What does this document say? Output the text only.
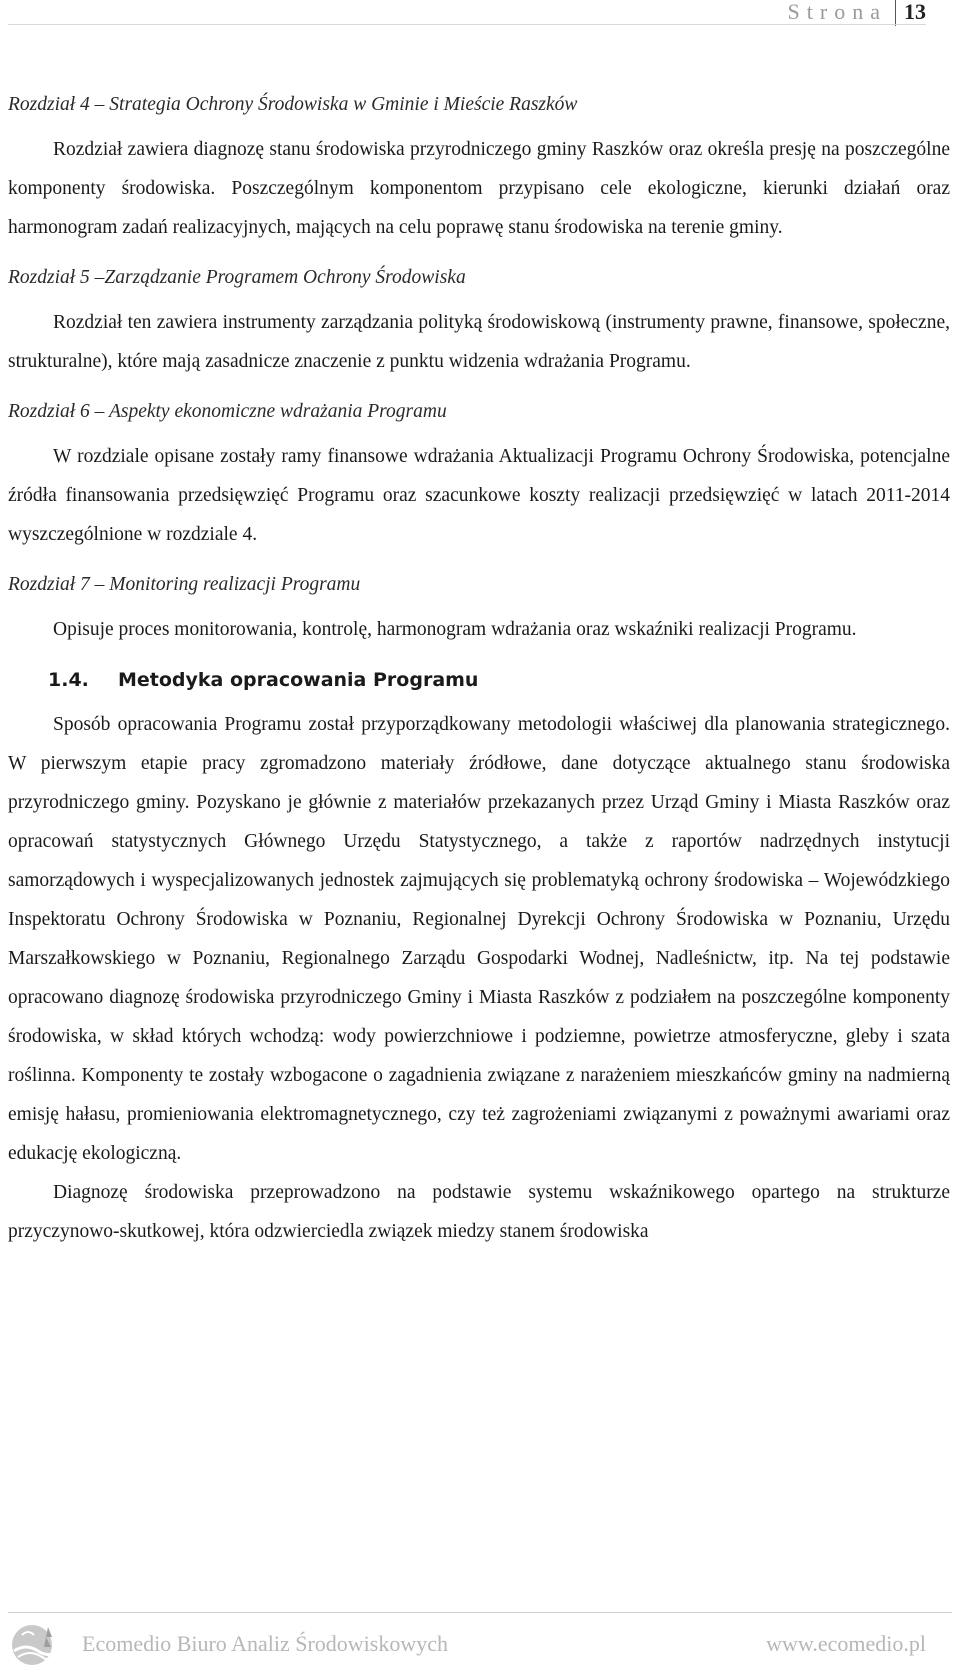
Strona 13
Rozdział 4 – Strategia Ochrony Środowiska w Gminie i Mieście Raszków

Rozdział zawiera diagnozę stanu środowiska przyrodniczego gminy Raszków oraz określa presję na poszczególne komponenty środowiska. Poszczególnym komponentom przypisano cele ekologiczne, kierunki działań oraz harmonogram zadań realizacyjnych, mających na celu poprawę stanu środowiska na terenie gminy.

Rozdział 5 –Zarządzanie Programem Ochrony Środowiska

Rozdział ten zawiera instrumenty zarządzania polityką środowiskową (instrumenty prawne, finansowe, społeczne, strukturalne), które mają zasadnicze znaczenie z punktu widzenia wdrażania Programu.

Rozdział 6 – Aspekty ekonomiczne wdrażania Programu

W rozdziale opisane zostały ramy finansowe wdrażania Aktualizacji Programu Ochrony Środowiska, potencjalne źródła finansowania przedsięwzięć Programu oraz szacunkowe koszty realizacji przedsięwzięć w latach 2011-2014 wyszczególnione w rozdziale 4.

Rozdział 7 – Monitoring realizacji Programu

Opisuje proces monitorowania, kontrolę, harmonogram wdrażania oraz wskaźniki realizacji Programu.

1.4.	Metodyka opracowania Programu

Sposób opracowania Programu został przyporządkowany metodologii właściwej dla planowania strategicznego. W pierwszym etapie pracy zgromadzono materiały źródłowe, dane dotyczące aktualnego stanu środowiska przyrodniczego gminy. Pozyskano je głównie z materiałów przekazanych przez Urząd Gminy i Miasta Raszków oraz opracowań statystycznych Głównego Urzędu Statystycznego, a także z raportów nadrzędnych instytucji samorządowych i wyspecjalizowanych jednostek zajmujących się problematyką ochrony środowiska – Wojewódzkiego Inspektoratu Ochrony Środowiska w Poznaniu, Regionalnej Dyrekcji Ochrony Środowiska w Poznaniu, Urzędu Marszałkowskiego w Poznaniu, Regionalnego Zarządu Gospodarki Wodnej, Nadleśnictw, itp. Na tej podstawie opracowano diagnozę środowiska przyrodniczego Gminy i Miasta Raszków z podziałem na poszczególne komponenty środowiska, w skład których wchodzą: wody powierzchniowe i podziemne, powietrze atmosferyczne, gleby i szata roślinna. Komponenty te zostały wzbogacone o zagadnienia związane z narażeniem mieszkańców gminy na nadmierną emisję hałasu, promieniowania elektromagnetycznego, czy też zagrożeniami związanymi z poważnymi awariami oraz edukację ekologiczną.

Diagnozę środowiska przeprowadzono na podstawie systemu wskaźnikowego opartego na strukturze przyczynowo-skutkowej, która odzwierciedla związek miedzy stanem środowiska

Ecomedio Biuro Analiz Środowiskowych	www.ecomedio.pl
